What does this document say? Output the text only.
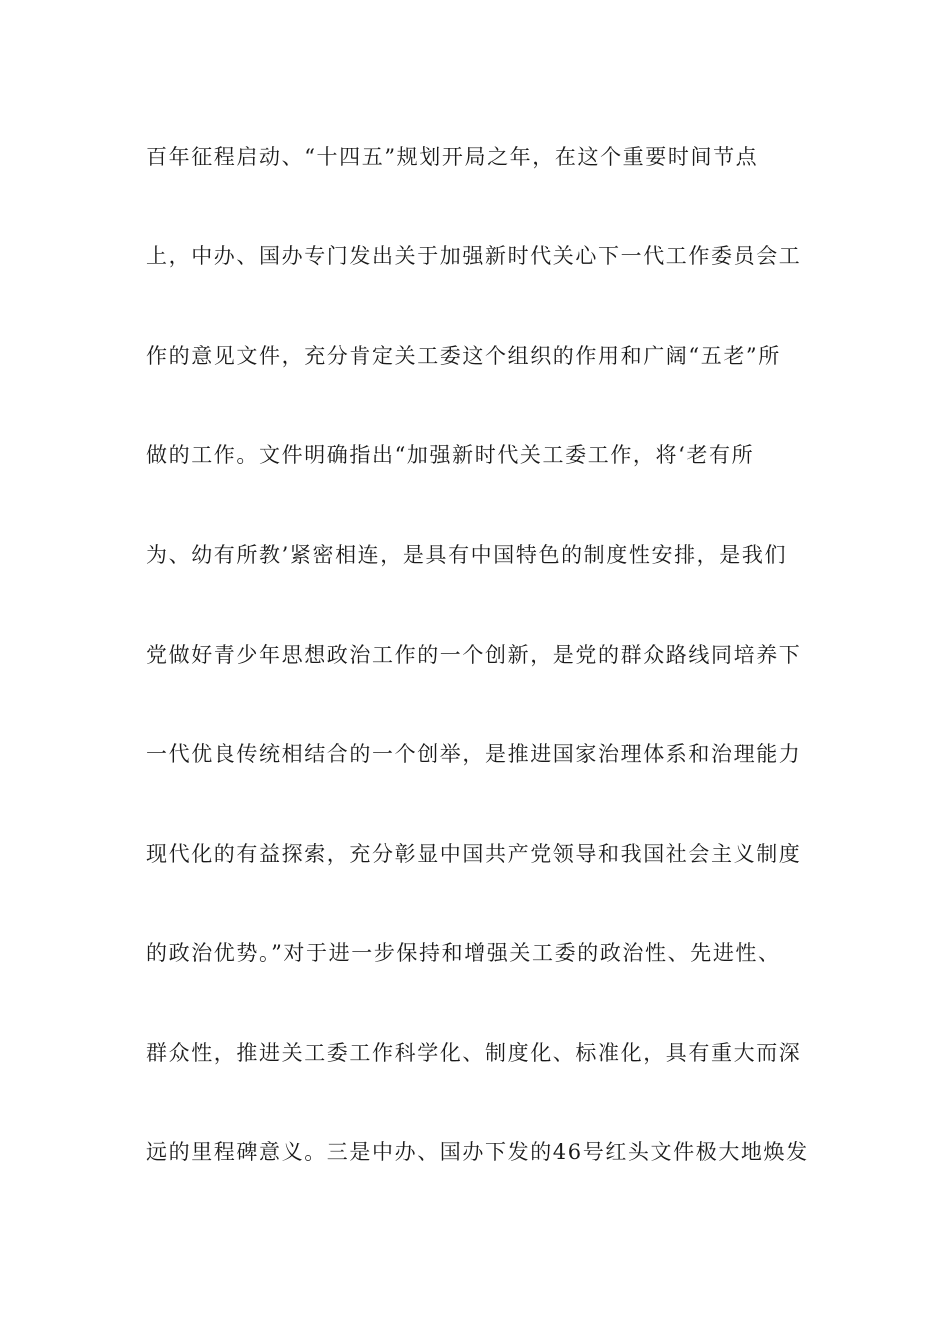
百年征程启动、“十四五”规划开局之年，在这个重要时间节点
上，中办、国办专门发出关于加强新时代关心下一代工作委员会工
作的意见文件，充分肯定关工委这个组织的作用和广阔“五老”所
做的工作。文件明确指出“加强新时代关工委工作，将‘老有所
为、幼有所教’紧密相连，是具有中国特色的制度性安排，是我们
党做好青少年思想政治工作的一个创新，是党的群众路线同培养下
一代优良传统相结合的一个创举，是推进国家治理体系和治理能力
现代化的有益探索，充分彰显中国共产党领导和我国社会主义制度
的政治优势。”对于进一步保持和增强关工委的政治性、先进性、
群众性，推进关工委工作科学化、制度化、标准化，具有重大而深
远的里程碑意义。三是中办、国办下发的46号红头文件极大地焕发
